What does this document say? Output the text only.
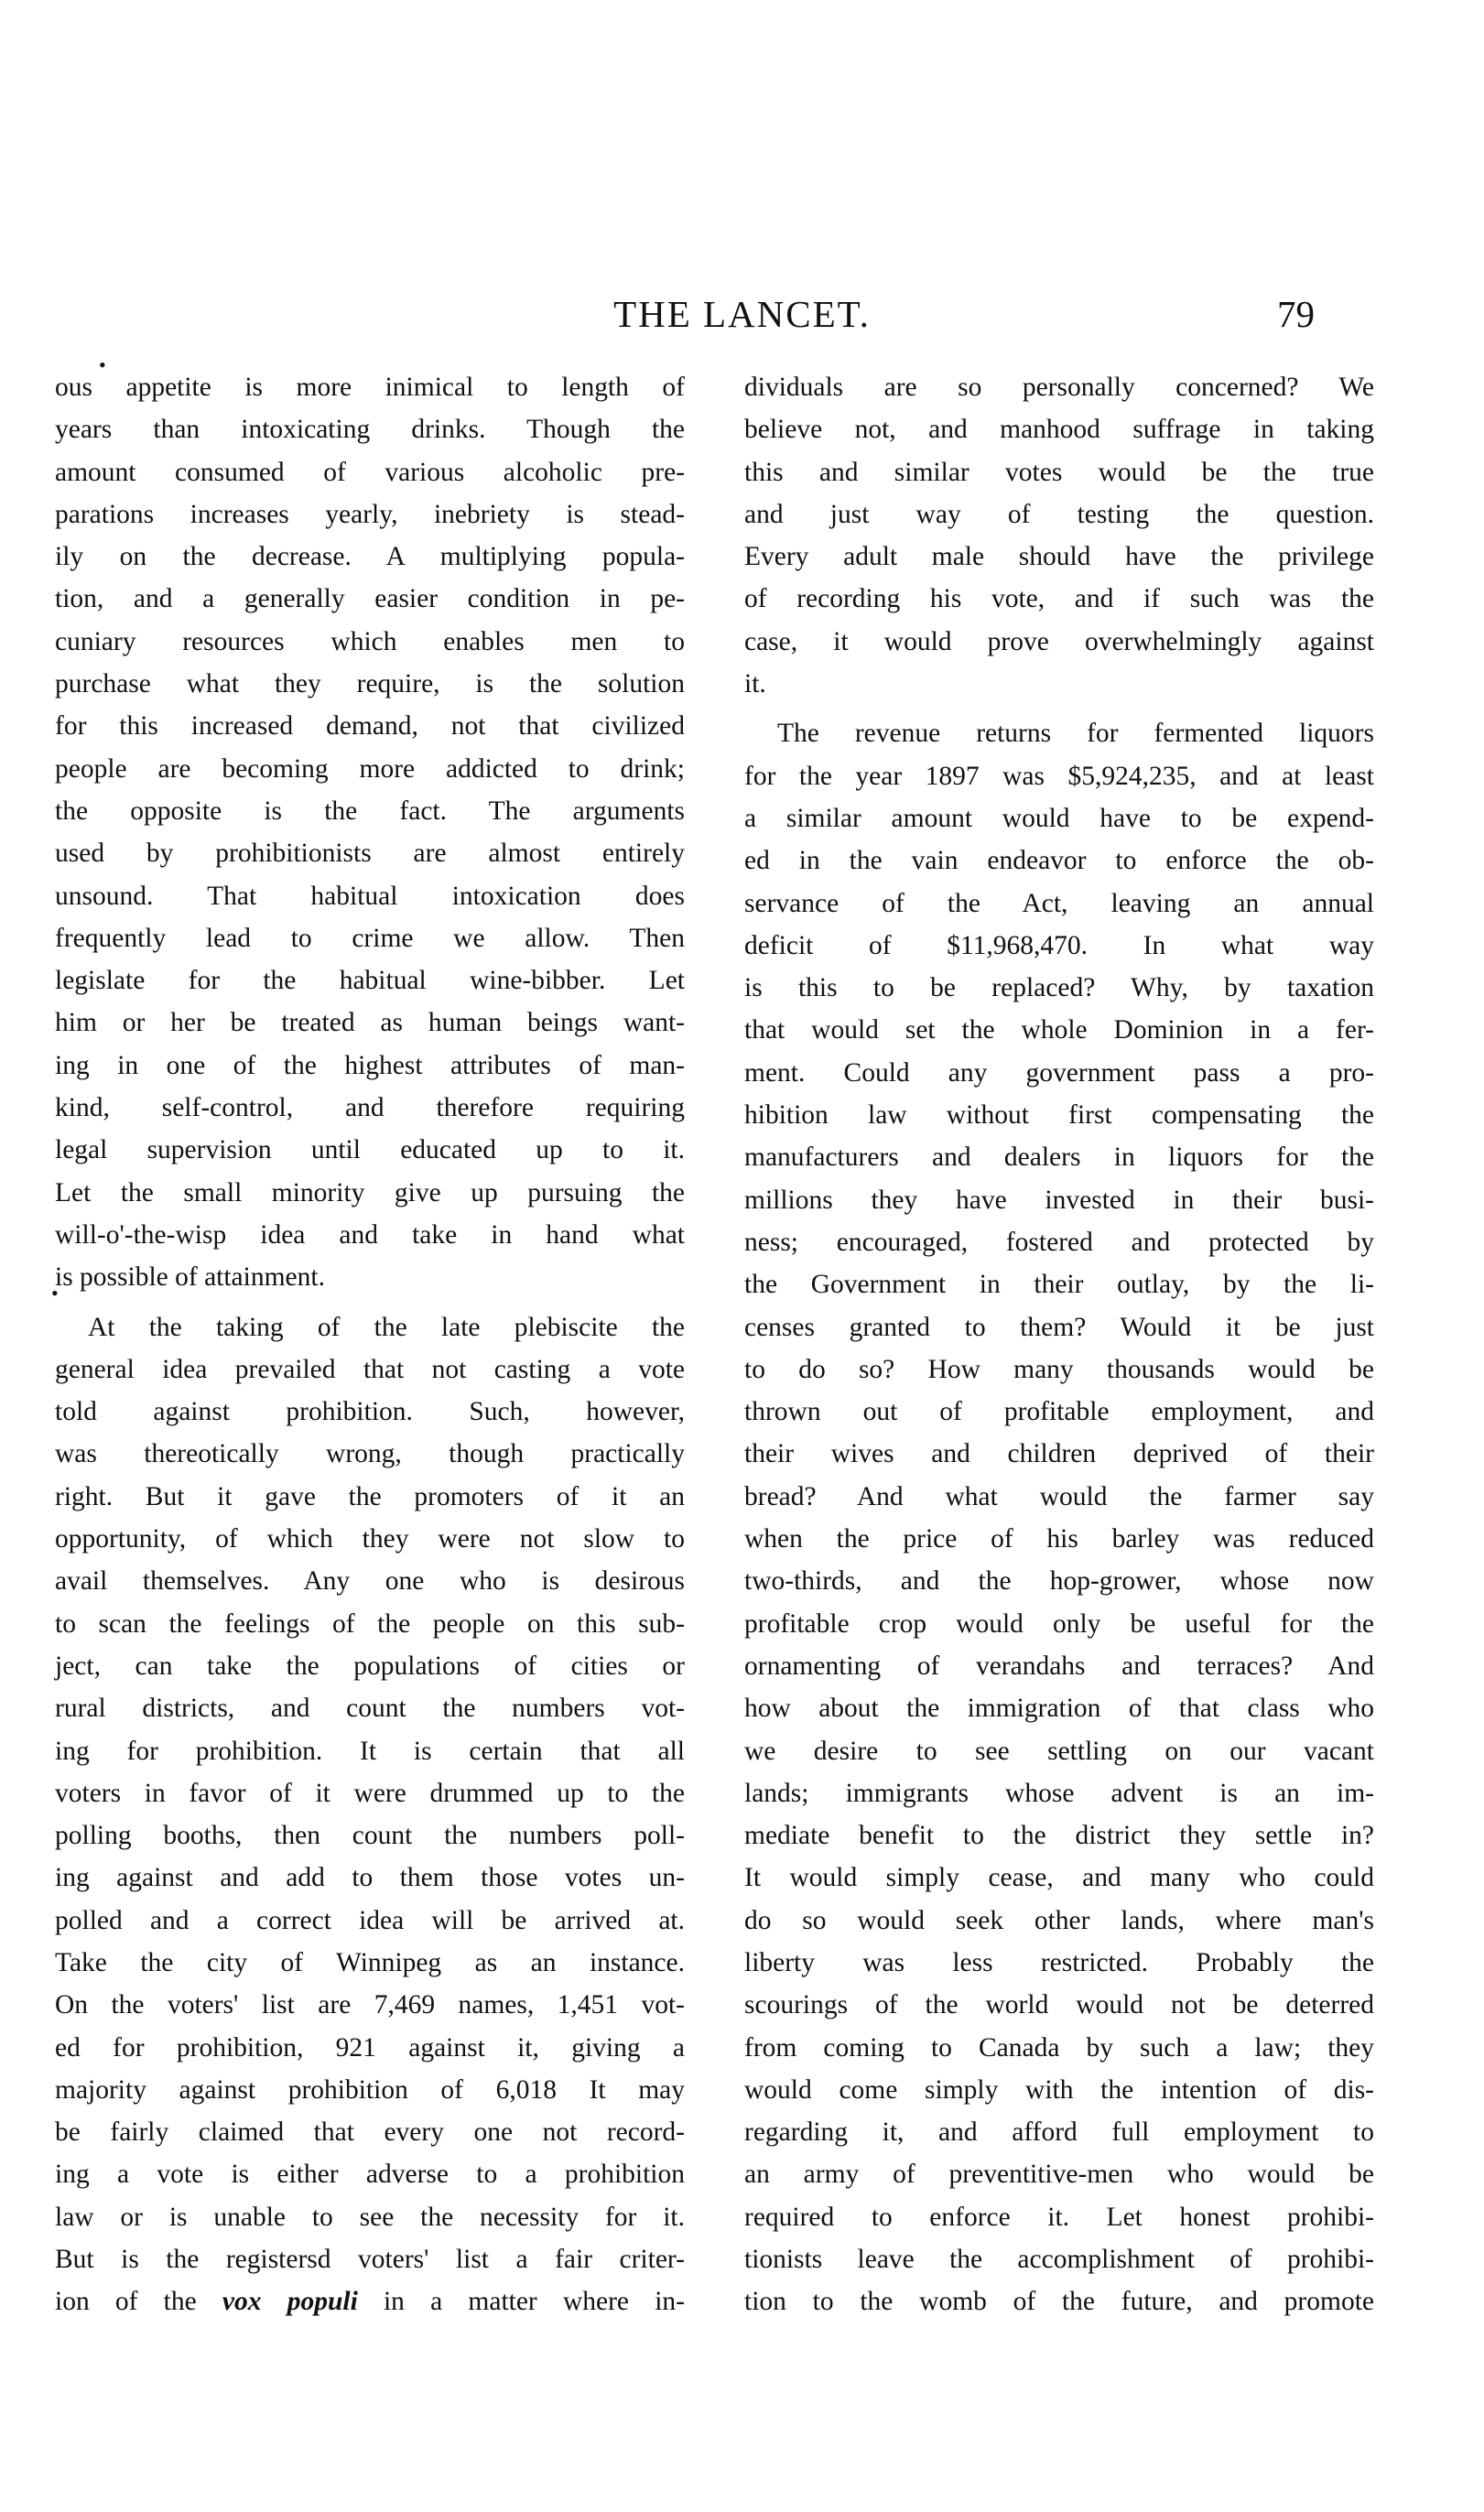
THE LANCET.	79
•
•
ous appetite is more inimical to length of
years than intoxicating drinks. Though the
amount consumed of various alcoholic pre-
parations increases yearly, inebriety is stead-
ily on the decrease. A multiplying popula-
tion, and a generally easier condition in pe-
cuniary resources which enables men to
purchase what they require, is the solution
for this increased demand, not that civilized
people are becoming more addicted to drink;
the opposite is the fact. The arguments
used by prohibitionists are almost entirely
unsound. That habitual intoxication does
frequently lead to crime we allow. Then
legislate for the habitual wine-bibber. Let
him or her be treated as human beings want-
ing in one of the highest attributes of man-
kind, self-control, and therefore requiring
legal supervision until educated up to it.
Let the small minority give up pursuing the
will-o'-the-wisp idea and take in hand what
is possible of attainment.
At the taking of the late plebiscite the
general idea prevailed that not casting a vote
told against prohibition. Such, however,
was thereotically wrong, though practically
right. But it gave the promoters of it an
opportunity, of which they were not slow to
avail themselves. Any one who is desirous
to scan the feelings of the people on this sub-
ject, can take the populations of cities or
rural districts, and count the numbers vot-
ing for prohibition. It is certain that all
voters in favor of it were drummed up to the
polling booths, then count the numbers poll-
ing against and add to them those votes un-
polled and a correct idea will be arrived at.
Take the city of Winnipeg as an instance.
On the voters' list are 7,469 names, 1,451 vot-
ed for prohibition, 921 against it, giving a
majority against prohibition of 6,018 It may
be fairly claimed that every one not record-
ing a vote is either adverse to a prohibition
law or is unable to see the necessity for it.
But is the registersd voters' list a fair criter-
ion of the vox populi in a matter where in-
dividuals are so personally concerned? We
believe not, and manhood suffrage in taking
this and similar votes would be the true
and just way of testing the question.
Every adult male should have the privilege
of recording his vote, and if such was the
case, it would prove overwhelmingly against
it.
The revenue returns for fermented liquors
for the year 1897 was $5,924,235, and at least
a similar amount would have to be expend-
ed in the vain endeavor to enforce the ob-
servance of the Act, leaving an annual
deficit of $11,968,470. In what way
is this to be replaced? Why, by taxation
that would set the whole Dominion in a fer-
ment. Could any government pass a pro-
hibition law without first compensating the
manufacturers and dealers in liquors for the
millions they have invested in their busi-
ness; encouraged, fostered and protected by
the Government in their outlay, by the li-
censes granted to them? Would it be just
to do so? How many thousands would be
thrown out of profitable employment, and
their wives and children deprived of their
bread? And what would the farmer say
when the price of his barley was reduced
two-thirds, and the hop-grower, whose now
profitable crop would only be useful for the
ornamenting of verandahs and terraces? And
how about the immigration of that class who
we desire to see settling on our vacant
lands; immigrants whose advent is an im-
mediate benefit to the district they settle in?
It would simply cease, and many who could
do so would seek other lands, where man's
liberty was less restricted. Probably the
scourings of the world would not be deterred
from coming to Canada by such a law; they
would come simply with the intention of dis-
regarding it, and afford full employment to
an army of preventitive-men who would be
required to enforce it. Let honest prohibi-
tionists leave the accomplishment of prohibi-
tion to the womb of the future, and promote
